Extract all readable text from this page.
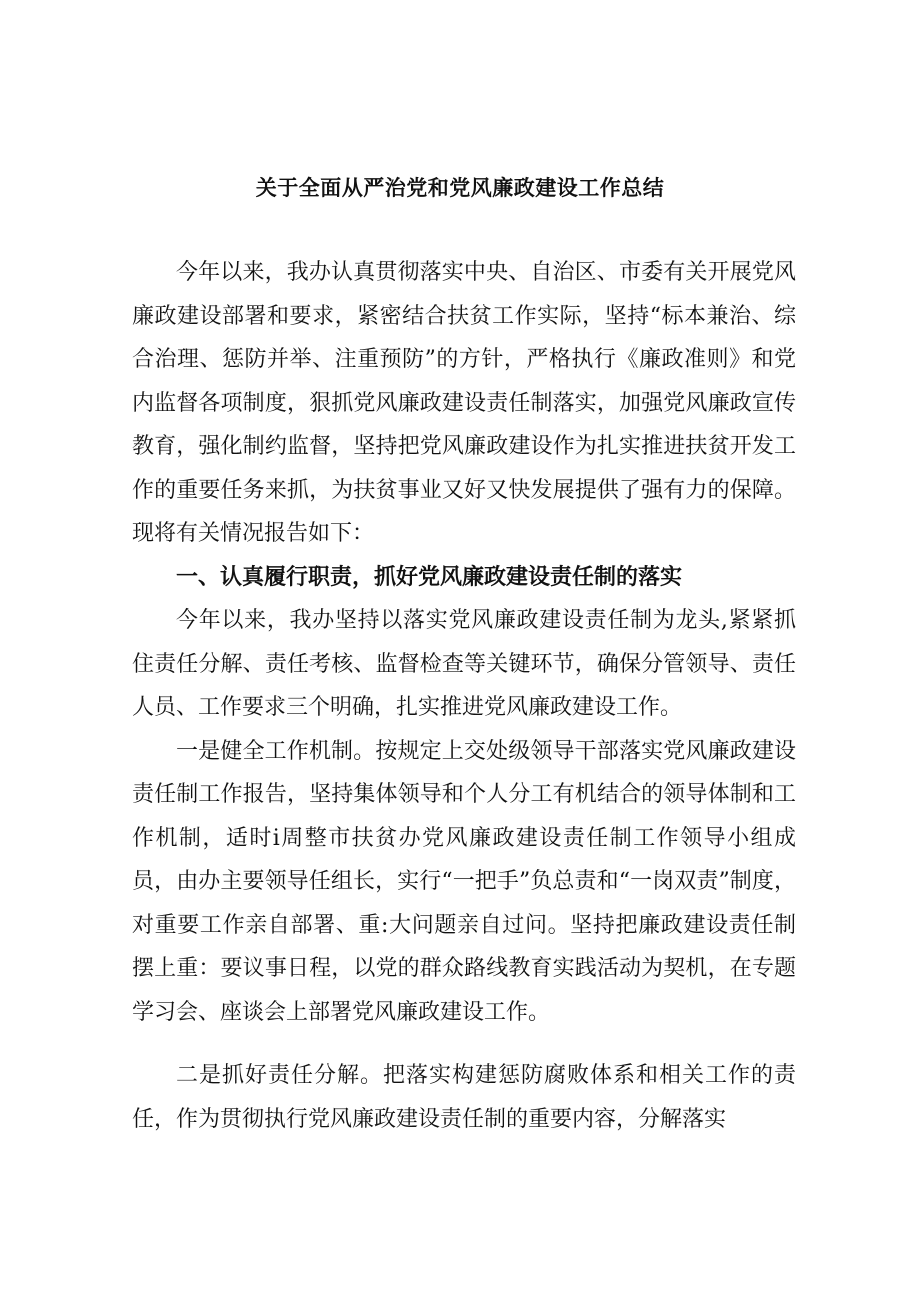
关于全面从严治党和党风廉政建设工作总结

今年以来，我办认真贯彻落实中央、自治区、市委有关开展党风廉政建设部署和要求，紧密结合扶贫工作实际，坚持“标本兼治、综合治理、惩防并举、注重预防”的方针，严格执行《廉政准则》和党内监督各项制度，狠抓党风廉政建设责任制落实，加强党风廉政宣传教育，强化制约监督，坚持把党风廉政建设作为扎实推进扶贫开发工作的重要任务来抓，为扶贫事业又好又快发展提供了强有力的保障。现将有关情况报告如下：

一、认真履行职责，抓好党风廉政建设责任制的落实

今年以来，我办坚持以落实党风廉政建设责任制为龙头,紧紧抓住责任分解、责任考核、监督检查等关键环节，确保分管领导、责任人员、工作要求三个明确，扎实推进党风廉政建设工作。

一是健全工作机制。按规定上交处级领导干部落实党风廉政建设责任制工作报告，坚持集体领导和个人分工有机结合的领导体制和工作机制，适时i周整市扶贫办党风廉政建设责任制工作领导小组成员，由办主要领导任组长，实行“一把手”负总责和“一岗双责”制度，对重要工作亲自部署、重:大问题亲自过问。坚持把廉政建设责任制摆上重：要议事日程，以党的群众路线教育实践活动为契机，在专题学习会、座谈会上部署党风廉政建设工作。

二是抓好责任分解。把落实构建惩防腐败体系和相关工作的责任，作为贯彻执行党风廉政建设责任制的重要内容，分解落实
